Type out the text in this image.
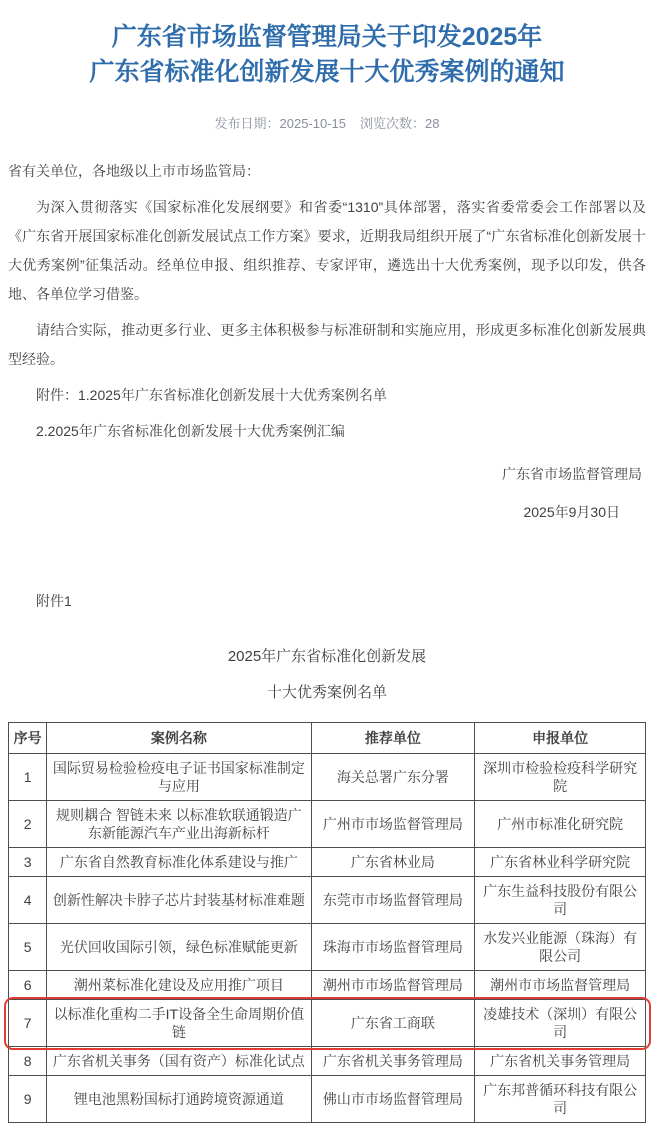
广东省市场监督管理局关于印发2025年
广东省标准化创新发展十大优秀案例的通知
发布日期：2025-10-15 浏览次数：28

省有关单位，各地级以上市市场监管局：

为深入贯彻落实《国家标准化发展纲要》和省委“1310”具体部署，落实省委常委会工作部署以及《广东省开展国家标准化创新发展试点工作方案》要求，近期我局组织开展了“广东省标准化创新发展十大优秀案例”征集活动。经单位申报、组织推荐、专家评审，遴选出十大优秀案例，现予以印发，供各地、各单位学习借鉴。

请结合实际，推动更多行业、更多主体积极参与标准研制和实施应用，形成更多标准化创新发展典型经验。

附件：1.2025年广东省标准化创新发展十大优秀案例名单

2.2025年广东省标准化创新发展十大优秀案例汇编

广东省市场监督管理局

2025年9月30日

附件1

2025年广东省标准化创新发展

十大优秀案例名单

序号	案例名称	推荐单位	申报单位
1	国际贸易检验检疫电子证书国家标准制定与应用	海关总署广东分署	深圳市检验检疫科学研究院
2	规则耦合 智链未来 以标准软联通锻造广东新能源汽车产业出海新标杆	广州市市场监督管理局	广州市标准化研究院
3	广东省自然教育标准化体系建设与推广	广东省林业局	广东省林业科学研究院
4	创新性解决卡脖子芯片封装基材标准难题	东莞市市场监督管理局	广东生益科技股份有限公司
5	光伏回收国际引领，绿色标准赋能更新	珠海市市场监督管理局	水发兴业能源（珠海）有限公司
6	潮州菜标准化建设及应用推广项目	潮州市市场监督管理局	潮州市市场监督管理局
7	以标准化重构二手IT设备全生命周期价值链	广东省工商联	凌雄技术（深圳）有限公司
8	广东省机关事务（国有资产）标准化试点	广东省机关事务管理局	广东省机关事务管理局
9	锂电池黑粉国标打通跨境资源通道	佛山市市场监督管理局	广东邦普循环科技有限公司
